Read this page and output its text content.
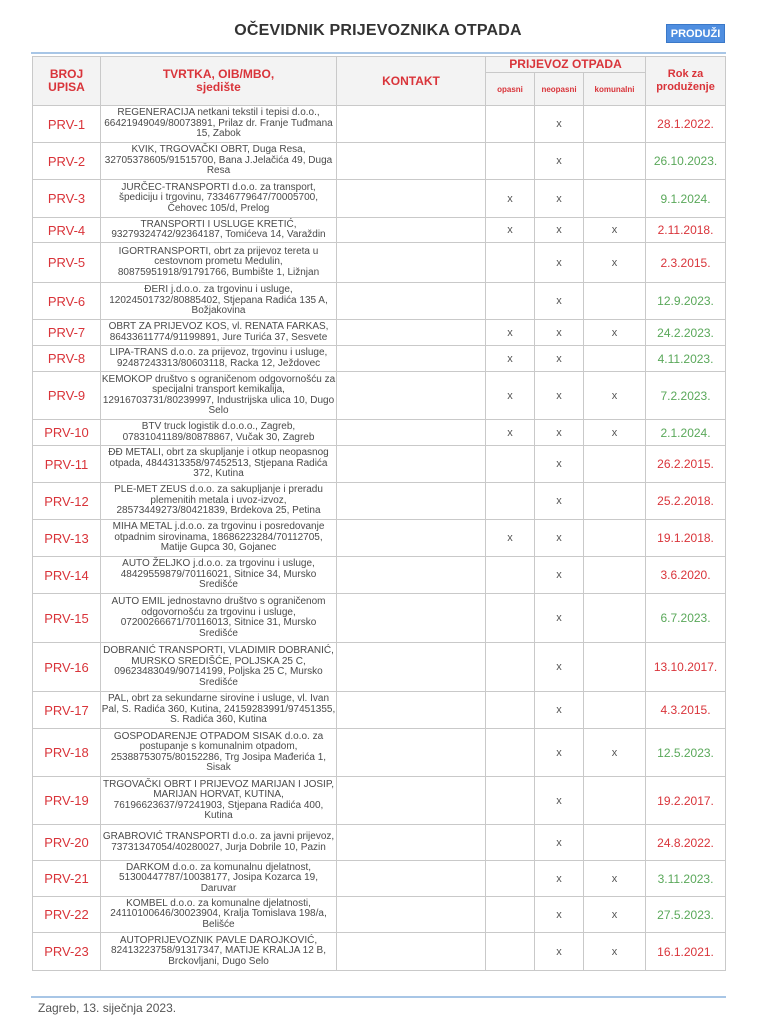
OČEVIDNIK PRIJEVOZNIKA OTPADA	PRODUŽI
BROJ UPISA	TVRTKA, OIB/MBO, sjedište	KONTAKT	PRIJEVOZ OTPADA			Rok za produženje

			opasni	neopasni	komunalni	
PRV-1	REGENERACIJA netkani tekstil i tepisi d.o.o., 66421949049/80073891, Prilaz dr. Franje Tuđmana 15, Zabok			x		28.1.2022.
PRV-2	KVIK, TRGOVAČKI OBRT, Duga Resa, 32705378605/91515700, Bana J.Jelačića 49, Duga Resa			x		26.10.2023.
PRV-3	JURČEC-TRANSPORTI d.o.o. za transport, špediciju i trgovinu, 73346779647/70005700, Čehovec 105/d, Prelog		x	x		9.1.2024.
PRV-4	TRANSPORTI I USLUGE KRETIĆ, 93279324742/92364187, Tomićeva 14, Varaždin		x	x	x	2.11.2018.
PRV-5	IGORTRANSPORTI, obrt za prijevoz tereta u cestovnom prometu Medulin, 80875951918/91791766, Bumbište 1, Ližnjan			x	x	2.3.2015.
PRV-6	ĐERI j.d.o.o. za trgovinu i usluge, 12024501732/80885402, Stjepana Radića 135 A, Božjakovina			x		12.9.2023.
PRV-7	OBRT ZA PRIJEVOZ KOS, vl. RENATA FARKAS, 86433611774/91199891, Jure Turića 37, Sesvete		x	x	x	24.2.2023.
PRV-8	LIPA-TRANS d.o.o. za prijevoz, trgovinu i usluge, 92487243313/80603118, Racka 12, Ježdovec		x	x		4.11.2023.
PRV-9	KEMOKOP društvo s ograničenom odgovornošću za specijalni transport kemikalija, 12916703731/80239997, Industrijska ulica 10, Dugo Selo		x	x	x	7.2.2023.
PRV-10	BTV truck logistik d.o.o.o., Zagreb, 07831041189/80878867, Vučak 30, Zagreb		x	x	x	2.1.2024.
PRV-11	ĐĐ METALI, obrt za skupljanje i otkup neopasnog otpada, 4844313358/97452513, Stjepana Radića 372, Kutina			x		26.2.2015.
PRV-12	PLE-MET ZEUS d.o.o. za sakupljanje i preradu plemenitih metala i uvoz-izvoz, 28573449273/80421839, Brdekova 25, Petina			x		25.2.2018.
PRV-13	MIHA METAL j.d.o.o. za trgovinu i posredovanje otpadnim sirovinama, 18686223284/70112705, Matije Gupca 30, Gojanec		x	x		19.1.2018.
PRV-14	AUTO ŽELJKO j.d.o.o. za trgovinu i usluge, 48429559879/70116021, Sitnice 34, Mursko Središće			x		3.6.2020.
PRV-15	AUTO EMIL jednostavno društvo s ograničenom odgovornošću za trgovinu i usluge, 07200266671/70116013, Sitnice 31, Mursko Središće			x		6.7.2023.
PRV-16	DOBRANIĆ TRANSPORTI, VLADIMIR DOBRANIĆ, MURSKO SREDIŠĆE, POLJSKA 25 C, 09623483049/90714199, Poljska 25 C, Mursko Središće			x		13.10.2017.
PRV-17	PAL, obrt za sekundarne sirovine i usluge, vl. Ivan Pal, S. Radića 360, Kutina, 24159283991/97451355, S. Radića 360, Kutina			x		4.3.2015.
PRV-18	GOSPODARENJE OTPADOM SISAK d.o.o. za postupanje s komunalnim otpadom, 25388753075/80152286, Trg Josipa Mađerića 1, Sisak			x	x	12.5.2023.
PRV-19	TRGOVAČKI OBRT I PRIJEVOZ MARIJAN I JOSIP, MARIJAN HORVAT, KUTINA, 76196623637/97241903, Stjepana Radića 400, Kutina			x		19.2.2017.
PRV-20	GRABROVIĆ TRANSPORTI d.o.o. za javni prijevoz, 73731347054/40280027, Jurja Dobrile 10, Pazin			x		24.8.2022.
PRV-21	DARKOM d.o.o. za komunalnu djelatnost, 51300447787/10038177, Josipa Kozarca 19, Daruvar			x	x	3.11.2023.
PRV-22	KOMBEL d.o.o. za komunalne djelatnosti, 24110100646/30023904, Kralja Tomislava 198/a, Belišće			x	x	27.5.2023.
PRV-23	AUTOPRIJEVOZNIK PAVLE DAROJKOVIĆ, 82413223758/91317347, MATIJE KRALJA 12 B, Brckovljani, Dugo Selo			x	x	16.1.2021.
Zagreb, 13. siječnja 2023.
